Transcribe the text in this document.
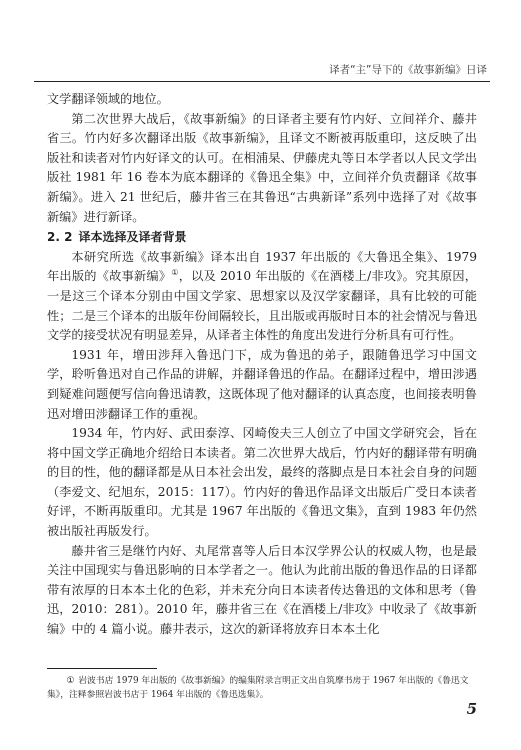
译者“主”导下的《故事新编》日译

文学翻译领域的地位。

第二次世界大战后，《故事新编》的日译者主要有竹内好、立间祥介、藤井省三。竹内好多次翻译出版《故事新编》，且译文不断被再版重印，这反映了出版社和读者对竹内好译文的认可。在相浦杲、伊藤虎丸等日本学者以人民文学出版社 1981 年 16 卷本为底本翻译的《鲁迅全集》中，立间祥介负责翻译《故事新编》。进入 21 世纪后，藤井省三在其鲁迅“古典新译”系列中选择了对《故事新编》进行新译。

2. 2 译本选择及译者背景

本研究所选《故事新编》译本出自 1937 年出版的《大鲁迅全集》、1979 年出版的《故事新编》①，以及 2010 年出版的《在酒楼上/非攻》。究其原因，一是这三个译本分别由中国文学家、思想家以及汉学家翻译，具有比较的可能性；二是三个译本的出版年份间隔较长，且出版或再版时日本的社会情况与鲁迅文学的接受状况有明显差异，从译者主体性的角度出发进行分析具有可行性。

1931 年，增田涉拜入鲁迅门下，成为鲁迅的弟子，跟随鲁迅学习中国文学，聆听鲁迅对自己作品的讲解，并翻译鲁迅的作品。在翻译过程中，增田涉遇到疑难问题便写信向鲁迅请教，这既体现了他对翻译的认真态度，也间接表明鲁迅对增田涉翻译工作的重视。

1934 年，竹内好、武田泰淳、冈崎俊夫三人创立了中国文学研究会，旨在将中国文学正确地介绍给日本读者。第二次世界大战后，竹内好的翻译带有明确的目的性，他的翻译都是从日本社会出发，最终的落脚点是日本社会自身的问题（李爱文、纪旭东，2015：117）。竹内好的鲁迅作品译文出版后广受日本读者好评，不断再版重印。尤其是 1967 年出版的《鲁迅文集》，直到 1983 年仍然被出版社再版发行。

藤井省三是继竹内好、丸尾常喜等人后日本汉学界公认的权威人物，也是最关注中国现实与鲁迅影响的日本学者之一。他认为此前出版的鲁迅作品的日译都带有浓厚的日本本土化的色彩，并未充分向日本读者传达鲁迅的文体和思考（鲁迅，2010：281）。2010 年，藤井省三在《在酒楼上/非攻》中收录了《故事新编》中的 4 篇小说。藤井表示，这次的新译将放弃日本本土化

① 岩波书店 1979 年出版的《故事新编》的编集附录言明正文出自筑摩书房于 1967 年出版的《鲁迅文集》，注释参照岩波书店于 1964 年出版的《鲁迅选集》。
5
